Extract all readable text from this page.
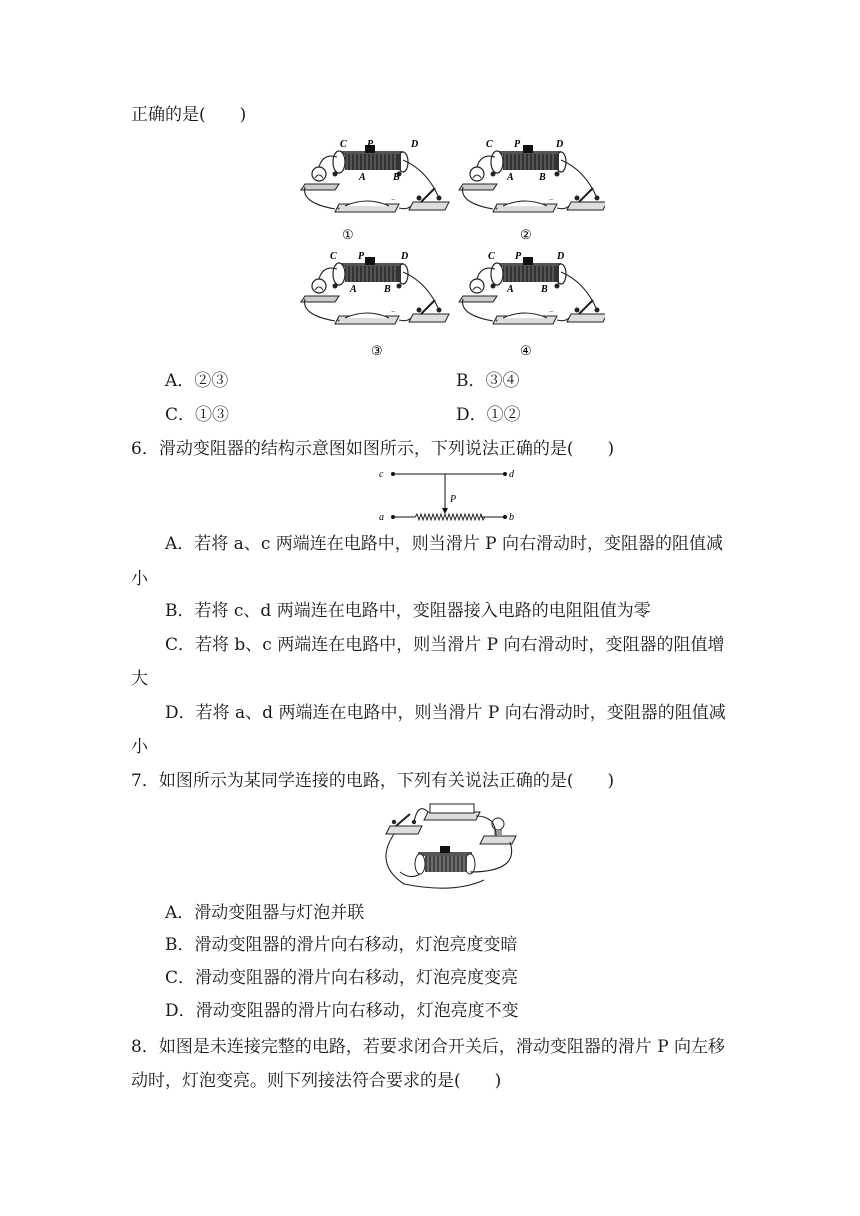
正确的是(　　)
C P	D
A	B
C P	D
A	B
C P	D
A	B
C P	D
A	B
①	②
③	④
A．②③	B．③④
C．①③	D．①②
6．滑动变阻器的结构示意图如图所示，下列说法正确的是(　　)
c	d
P
a	b
A．若将 a、c 两端连在电路中，则当滑片 P 向右滑动时，变阻器的阻值减
小
B．若将 c、d 两端连在电路中，变阻器接入电路的电阻阻值为零
C．若将 b、c 两端连在电路中，则当滑片 P 向右滑动时，变阻器的阻值增
大
D．若将 a、d 两端连在电路中，则当滑片 P 向右滑动时，变阻器的阻值减
小
7．如图所示为某同学连接的电路，下列有关说法正确的是(　　)
A．滑动变阻器与灯泡并联
B．滑动变阻器的滑片向右移动，灯泡亮度变暗
C．滑动变阻器的滑片向右移动，灯泡亮度变亮
D．滑动变阻器的滑片向右移动，灯泡亮度不变
8．如图是未连接完整的电路，若要求闭合开关后，滑动变阻器的滑片 P 向左移
动时，灯泡变亮。则下列接法符合要求的是(　　)
